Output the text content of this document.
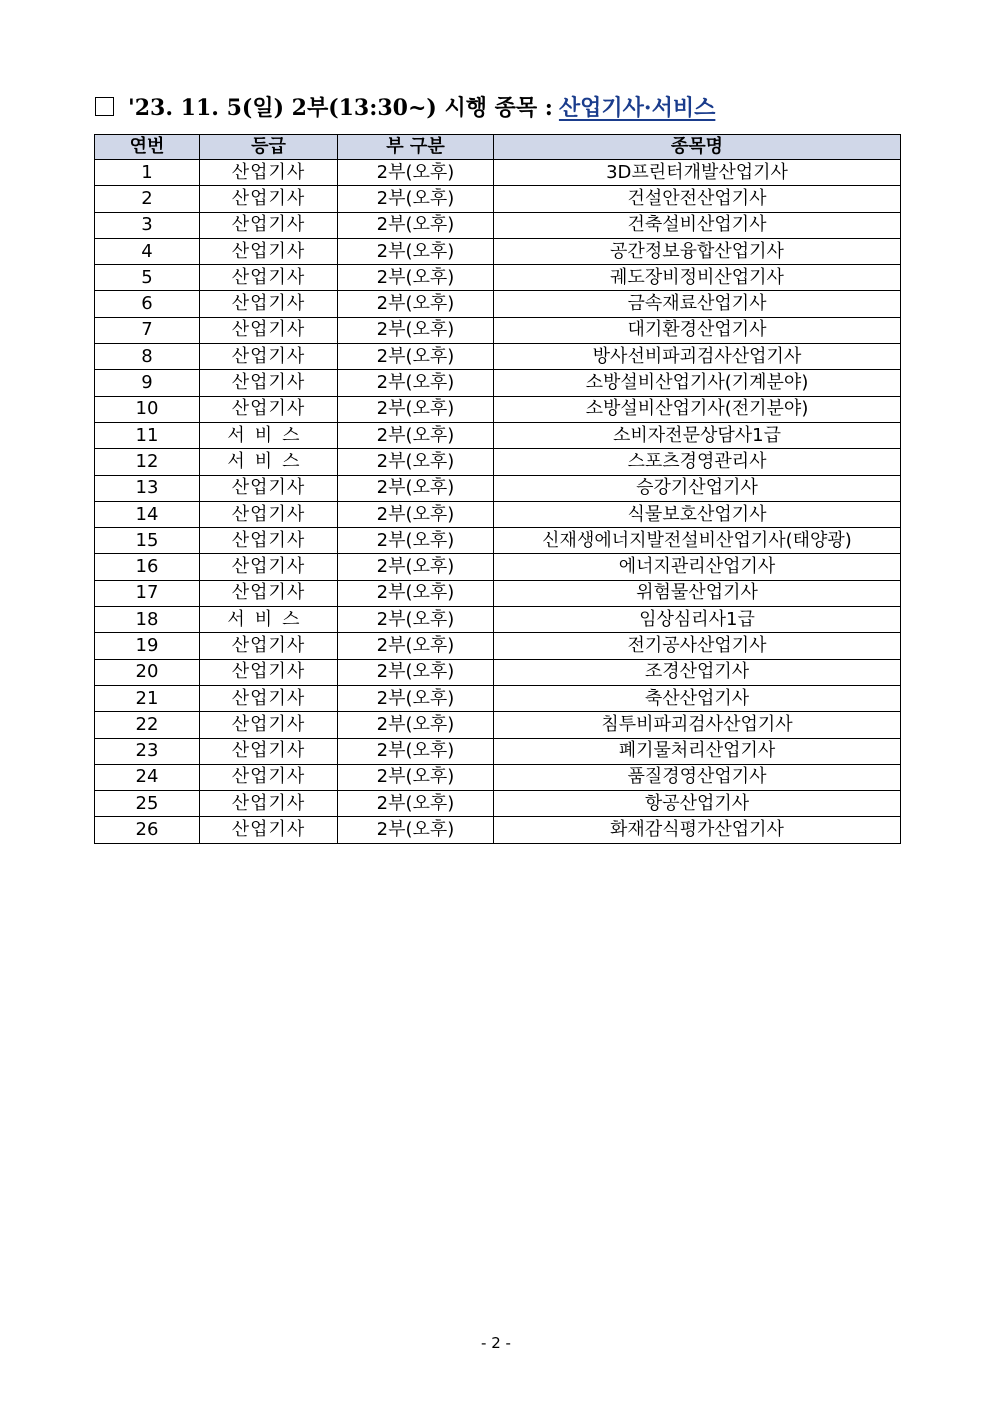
'23. 11. 5(일) 2부(13:30~) 시행 종목 : 산업기사·서비스
연번	등급	부 구분	종목명
1	산업기사	2부(오후)	3D프린터개발산업기사
2	산업기사	2부(오후)	건설안전산업기사
3	산업기사	2부(오후)	건축설비산업기사
4	산업기사	2부(오후)	공간정보융합산업기사
5	산업기사	2부(오후)	궤도장비정비산업기사
6	산업기사	2부(오후)	금속재료산업기사
7	산업기사	2부(오후)	대기환경산업기사
8	산업기사	2부(오후)	방사선비파괴검사산업기사
9	산업기사	2부(오후)	소방설비산업기사(기계분야)
10	산업기사	2부(오후)	소방설비산업기사(전기분야)
11	서비스	2부(오후)	소비자전문상담사1급
12	서비스	2부(오후)	스포츠경영관리사
13	산업기사	2부(오후)	승강기산업기사
14	산업기사	2부(오후)	식물보호산업기사
15	산업기사	2부(오후)	신재생에너지발전설비산업기사(태양광)
16	산업기사	2부(오후)	에너지관리산업기사
17	산업기사	2부(오후)	위험물산업기사
18	서비스	2부(오후)	임상심리사1급
19	산업기사	2부(오후)	전기공사산업기사
20	산업기사	2부(오후)	조경산업기사
21	산업기사	2부(오후)	축산산업기사
22	산업기사	2부(오후)	침투비파괴검사산업기사
23	산업기사	2부(오후)	폐기물처리산업기사
24	산업기사	2부(오후)	품질경영산업기사
25	산업기사	2부(오후)	항공산업기사
26	산업기사	2부(오후)	화재감식평가산업기사
- 2 -
